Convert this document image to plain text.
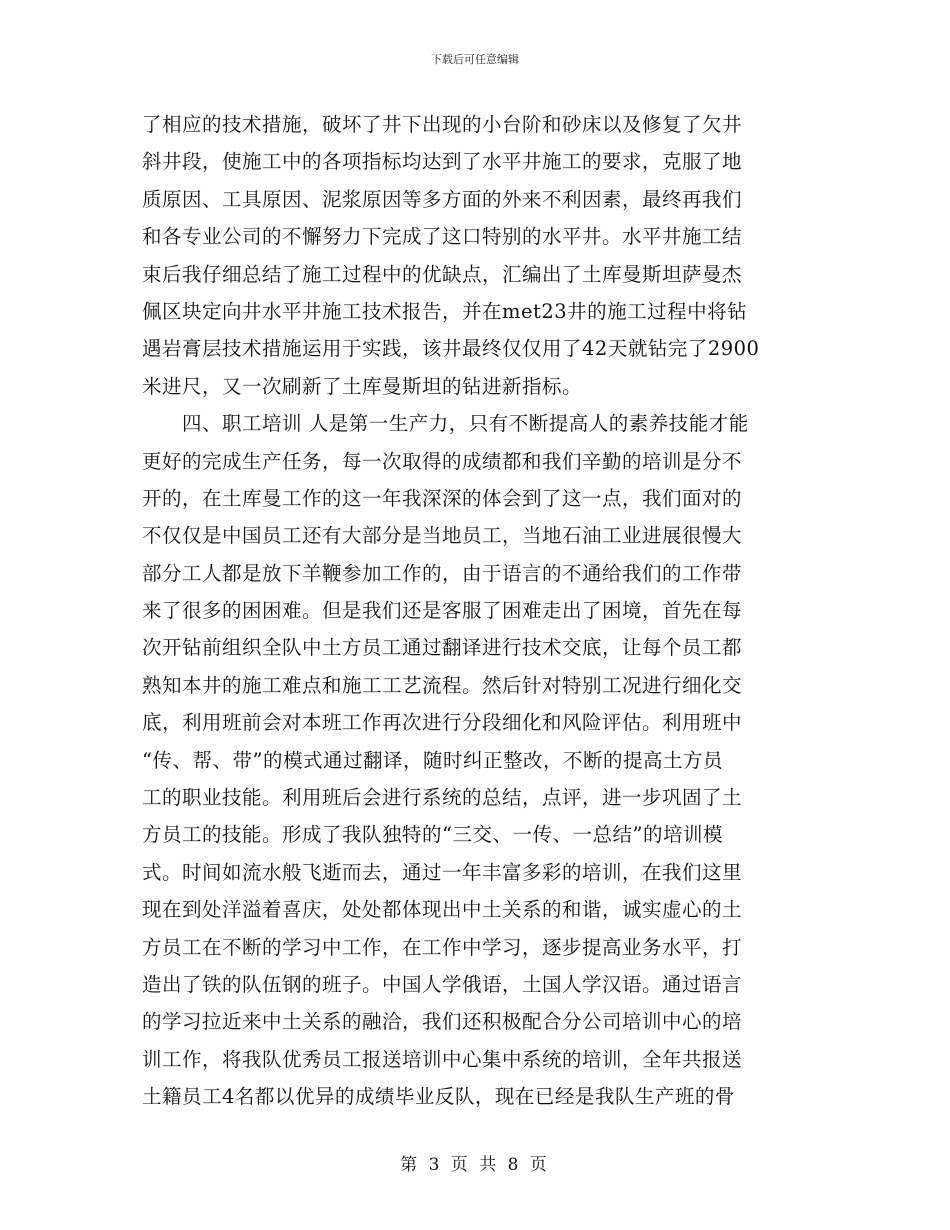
下载后可任意编辑
了相应的技术措施，破坏了井下出现的小台阶和砂床以及修复了欠井
斜井段，使施工中的各项指标均达到了水平井施工的要求，克服了地
质原因、工具原因、泥浆原因等多方面的外来不利因素，最终再我们
和各专业公司的不懈努力下完成了这口特别的水平井。水平井施工结
束后我仔细总结了施工过程中的优缺点，汇编出了土库曼斯坦萨曼杰
佩区块定向井水平井施工技术报告，并在met23井的施工过程中将钻
遇岩膏层技术措施运用于实践，该井最终仅仅用了42天就钻完了2900
米进尺，又一次刷新了土库曼斯坦的钻进新指标。
　　四、职工培训 人是第一生产力，只有不断提高人的素养技能才能
更好的完成生产任务，每一次取得的成绩都和我们辛勤的培训是分不
开的，在土库曼工作的这一年我深深的体会到了这一点，我们面对的
不仅仅是中国员工还有大部分是当地员工，当地石油工业进展很慢大
部分工人都是放下羊鞭参加工作的，由于语言的不通给我们的工作带
来了很多的困困难。但是我们还是客服了困难走出了困境，首先在每
次开钻前组织全队中土方员工通过翻译进行技术交底，让每个员工都
熟知本井的施工难点和施工工艺流程。然后针对特别工况进行细化交
底，利用班前会对本班工作再次进行分段细化和风险评估。利用班中
“传、帮、带”的模式通过翻译，随时纠正整改，不断的提高土方员
工的职业技能。利用班后会进行系统的总结，点评，进一步巩固了土
方员工的技能。形成了我队独特的“三交、一传、一总结”的培训模
式。时间如流水般飞逝而去，通过一年丰富多彩的培训，在我们这里
现在到处洋溢着喜庆，处处都体现出中土关系的和谐，诚实虚心的土
方员工在不断的学习中工作，在工作中学习，逐步提高业务水平，打
造出了铁的队伍钢的班子。中国人学俄语，土国人学汉语。通过语言
的学习拉近来中土关系的融洽，我们还积极配合分公司培训中心的培
训工作，将我队优秀员工报送培训中心集中系统的培训，全年共报送
土籍员工4名都以优异的成绩毕业反队，现在已经是我队生产班的骨
第 3 页 共 8 页
